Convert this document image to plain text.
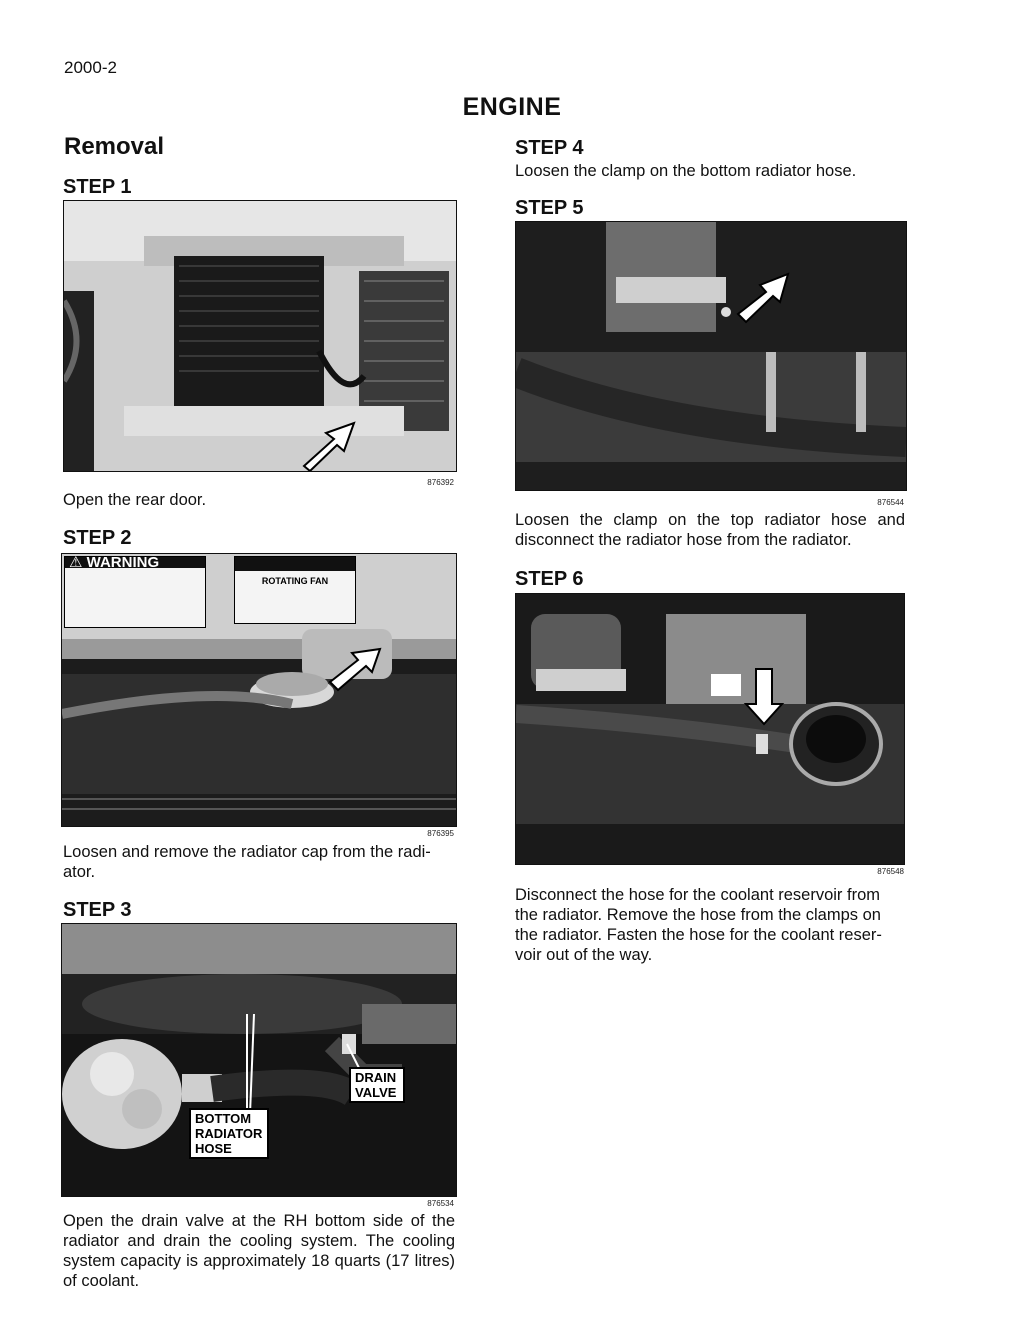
2000-2
ENGINE
Removal
STEP 1
876392
Open the rear door.
STEP 2
⚠ WARNING
ROTATING FAN
876395
Loosen and remove the radiator cap from the radi-ator.
STEP 3
DRAIN VALVE
BOTTOM RADIATOR HOSE
876534
Open the drain valve at the RH bottom side of the radiator and drain the cooling system. The cooling system capacity is approximately 18 quarts (17 litres) of coolant.
STEP 4
Loosen the clamp on the bottom radiator hose.
STEP 5
876544
Loosen the clamp on the top radiator hose and disconnect the radiator hose from the radiator.
STEP 6
876548
Disconnect the hose for the coolant reservoir from the radiator. Remove the hose from the clamps on the radiator. Fasten the hose for the coolant reser-voir out of the way.
